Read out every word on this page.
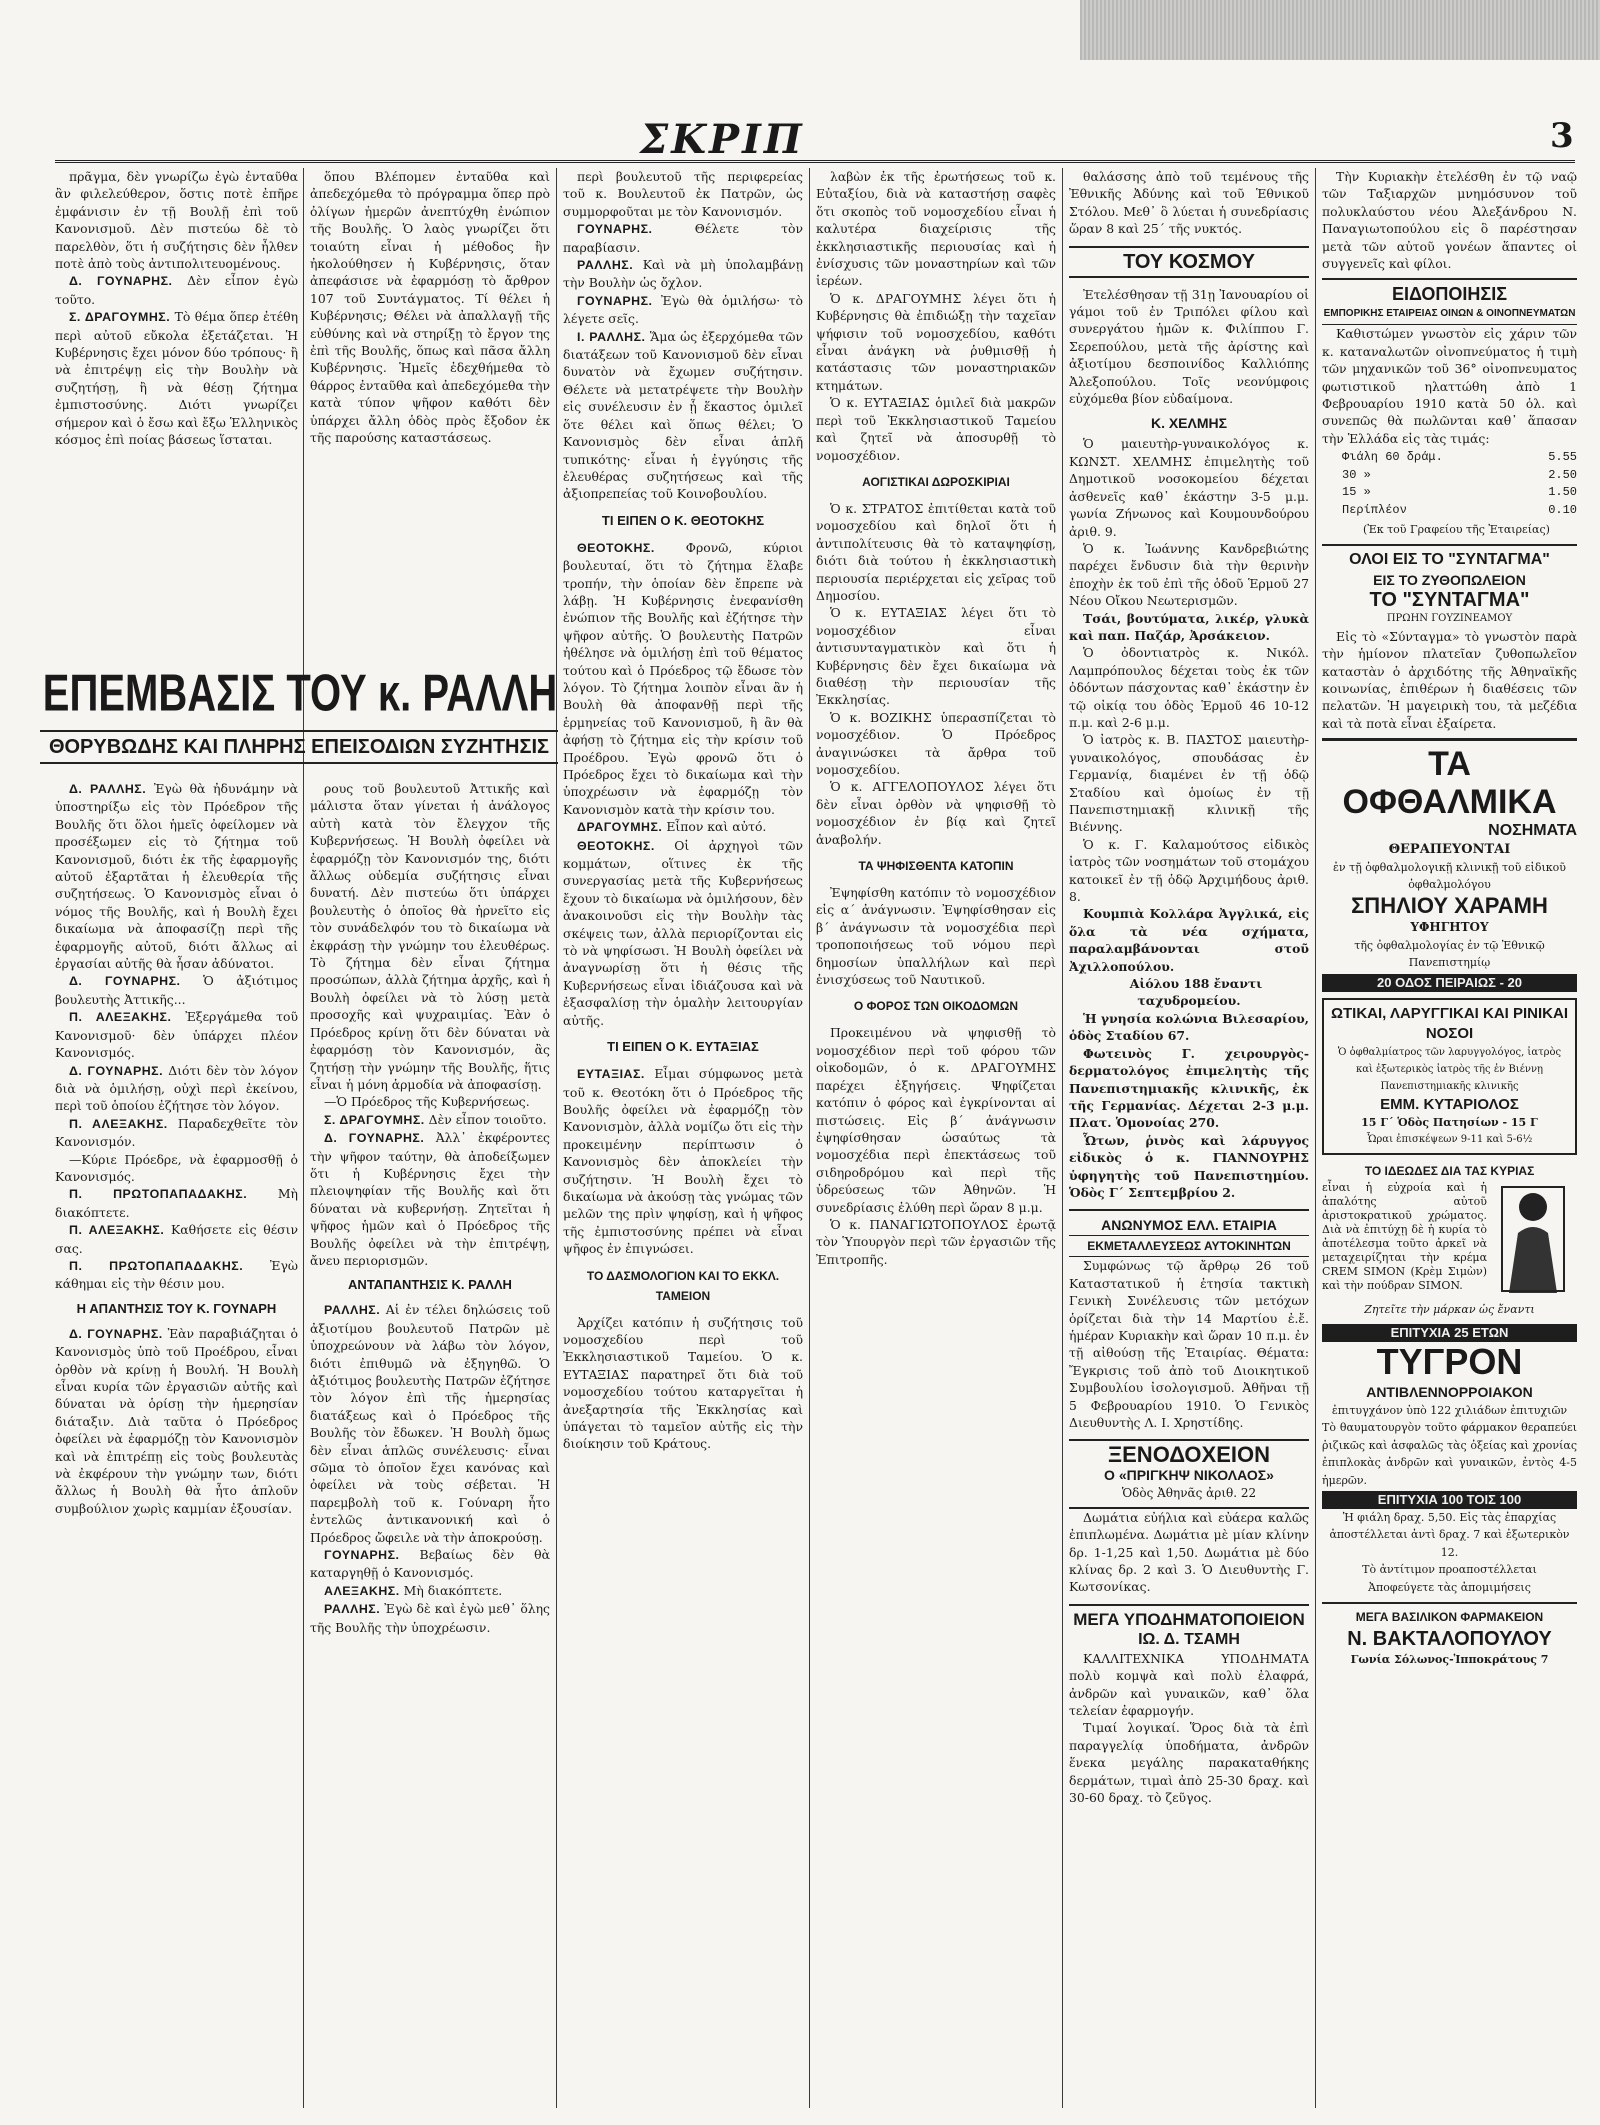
ΣΚΡΙΠ	3

πρᾶγμα, δὲν γνωρίζω ἐγὼ ἐνταῦθα ἂν φιλελεύθερον, ὅστις ποτὲ ἐπῆρε ἐμφάνισιν ἐν τῇ Βουλῇ ἐπὶ τοῦ Κανονισμοῦ. Δὲν πιστεύω δὲ τὸ παρελθὸν, ὅτι ἡ συζήτησις δὲν ἦλθεν ποτὲ ἀπὸ τοὺς ἀντιπολιτευομένους.

Δ. ΓΟΥΝΑΡΗΣ. Δὲν εἶπον ἐγὼ τοῦτο.

Σ. ΔΡΑΓΟΥΜΗΣ. Τὸ θέμα ὅπερ ἐτέθη περὶ αὐτοῦ εὔκολα ἐξετάζεται. Ἡ Κυβέρνησις ἔχει μόνον δύο τρόπους· ἢ νὰ ἐπιτρέψῃ εἰς τὴν Βουλὴν νὰ συζητήσῃ, ἢ νὰ θέσῃ ζήτημα ἐμπιστοσύνης. Διότι γνωρίζει σήμερον καὶ ὁ ἔσω καὶ ἔξω Ἑλληνικὸς κόσμος ἐπὶ ποίας βάσεως ἵσταται.

ΕΠΕΜΒΑΣΙΣ ΤΟΥ κ. ΡΑΛΛΗ
ΘΟΡΥΒΩΔΗΣ ΚΑΙ ΠΛΗΡΗΣ ΕΠΕΙΣΟΔΙΩΝ ΣΥΖΗΤΗΣΙΣ

Δ. ΡΑΛΛΗΣ. Ἐγὼ θὰ ἠδυνάμην νὰ ὑποστηρίξω εἰς τὸν Πρόεδρον τῆς Βουλῆς ὅτι ὅλοι ἡμεῖς ὀφείλομεν νὰ προσέξωμεν εἰς τὸ ζήτημα τοῦ Κανονισμοῦ, διότι ἐκ τῆς ἐφαρμογῆς αὐτοῦ ἐξαρτᾶται ἡ ἐλευθερία τῆς συζητήσεως. Ὁ Κανονισμὸς εἶναι ὁ νόμος τῆς Βουλῆς, καὶ ἡ Βουλὴ ἔχει δικαίωμα νὰ ἀποφασίζῃ περὶ τῆς ἐφαρμογῆς αὐτοῦ, διότι ἄλλως αἱ ἐργασίαι αὐτῆς θὰ ἦσαν ἀδύνατοι.

Δ. ΓΟΥΝΑΡΗΣ. Ὁ ἀξιότιμος βουλευτὴς Ἀττικῆς...

Π. ΑΛΕΞΑΚΗΣ. Ἐξεργάμεθα τοῦ Κανονισμοῦ· δὲν ὑπάρχει πλέον Κανονισμός.

Δ. ΓΟΥΝΑΡΗΣ. Διότι δὲν τὸν λόγον διὰ νὰ ὁμιλήσῃ, οὐχὶ περὶ ἐκείνου, περὶ τοῦ ὁποίου ἐζήτησε τὸν λόγον.

Π. ΑΛΕΞΑΚΗΣ. Παραδεχθεῖτε τὸν Κανονισμόν.

—Κύριε Πρόεδρε, νὰ ἐφαρμοσθῇ ὁ Κανονισμός.

Π. ΠΡΩΤΟΠΑΠΑΔΑΚΗΣ. Μὴ διακόπτετε.

Π. ΑΛΕΞΑΚΗΣ. Καθήσετε εἰς θέσιν σας.

Π. ΠΡΩΤΟΠΑΠΑΔΑΚΗΣ. Ἐγὼ κάθημαι εἰς τὴν θέσιν μου.

Η ΑΠΑΝΤΗΣΙΣ ΤΟΥ Κ. ΓΟΥΝΑΡΗ

Δ. ΓΟΥΝΑΡΗΣ. Ἐὰν παραβιάζηται ὁ Κανονισμὸς ὑπὸ τοῦ Προέδρου, εἶναι ὀρθὸν νὰ κρίνῃ ἡ Βουλή. Ἡ Βουλὴ εἶναι κυρία τῶν ἐργασιῶν αὐτῆς καὶ δύναται νὰ ὁρίσῃ τὴν ἡμερησίαν διάταξιν. Διὰ ταῦτα ὁ Πρόεδρος ὀφείλει νὰ ἐφαρμόζῃ τὸν Κανονισμὸν καὶ νὰ ἐπιτρέπῃ εἰς τοὺς βουλευτὰς νὰ ἐκφέρουν τὴν γνώμην των, διότι ἄλλως ἡ Βουλὴ θὰ ἦτο ἁπλοῦν συμβούλιον χωρὶς καμμίαν ἐξουσίαν.

ὅπου Βλέπομεν ἐνταῦθα καὶ ἀπεδεχόμεθα τὸ πρόγραμμα ὅπερ πρὸ ὀλίγων ἡμερῶν ἀνεπτύχθη ἐνώπιον τῆς Βουλῆς. Ὁ λαὸς γνωρίζει ὅτι τοιαύτη εἶναι ἡ μέθοδος ἣν ἠκολούθησεν ἡ Κυβέρνησις, ὅταν ἀπεφάσισε νὰ ἐφαρμόσῃ τὸ ἄρθρον 107 τοῦ Συντάγματος. Τί θέλει ἡ Κυβέρνησις; Θέλει νὰ ἀπαλλαγῇ τῆς εὐθύνης καὶ νὰ στηρίξῃ τὸ ἔργον της ἐπὶ τῆς Βουλῆς, ὅπως καὶ πᾶσα ἄλλη Κυβέρνησις. Ἡμεῖς ἐδεχθήμεθα τὸ θάρρος ἐνταῦθα καὶ ἀπεδεχόμεθα τὴν κατὰ τύπον ψῆφον καθότι δὲν ὑπάρχει ἄλλη ὁδὸς πρὸς ἔξοδον ἐκ τῆς παρούσης καταστάσεως.

ρους τοῦ βουλευτοῦ Ἀττικῆς καὶ μάλιστα ὅταν γίνεται ἡ ἀνάλογος αὐτὴ κατὰ τὸν ἔλεγχον τῆς Κυβερνήσεως. Ἡ Βουλὴ ὀφείλει νὰ ἐφαρμόζῃ τὸν Κανονισμόν της, διότι ἄλλως οὐδεμία συζήτησις εἶναι δυνατή. Δὲν πιστεύω ὅτι ὑπάρχει βουλευτὴς ὁ ὁποῖος θὰ ἠρνεῖτο εἰς τὸν συνάδελφόν του τὸ δικαίωμα νὰ ἐκφράσῃ τὴν γνώμην του ἐλευθέρως. Τὸ ζήτημα δὲν εἶναι ζήτημα προσώπων, ἀλλὰ ζήτημα ἀρχῆς, καὶ ἡ Βουλὴ ὀφείλει νὰ τὸ λύσῃ μετὰ προσοχῆς καὶ ψυχραιμίας. Ἐὰν ὁ Πρόεδρος κρίνῃ ὅτι δὲν δύναται νὰ ἐφαρμόσῃ τὸν Κανονισμόν, ἂς ζητήσῃ τὴν γνώμην τῆς Βουλῆς, ἥτις εἶναι ἡ μόνη ἁρμοδία νὰ ἀποφασίσῃ.

—Ὁ Πρόεδρος τῆς Κυβερνήσεως.

Σ. ΔΡΑΓΟΥΜΗΣ. Δὲν εἶπον τοιοῦτο.

Δ. ΓΟΥΝΑΡΗΣ. Ἀλλ᾽ ἐκφέροντες τὴν ψῆφον ταύτην, θὰ ἀποδείξωμεν ὅτι ἡ Κυβέρνησις ἔχει τὴν πλειοψηφίαν τῆς Βουλῆς καὶ ὅτι δύναται νὰ κυβερνήσῃ. Ζητεῖται ἡ ψῆφος ἡμῶν καὶ ὁ Πρόεδρος τῆς Βουλῆς ὀφείλει νὰ τὴν ἐπιτρέψῃ, ἄνευ περιορισμῶν.

ΑΝΤΑΠΑΝΤΗΣΙΣ Κ. ΡΑΛΛΗ

ΡΑΛΛΗΣ. Αἱ ἐν τέλει δηλώσεις τοῦ ἀξιοτίμου βουλευτοῦ Πατρῶν μὲ ὑποχρεώνουν νὰ λάβω τὸν λόγον, διότι ἐπιθυμῶ νὰ ἐξηγηθῶ. Ὁ ἀξιότιμος βουλευτὴς Πατρῶν ἐζήτησε τὸν λόγον ἐπὶ τῆς ἡμερησίας διατάξεως καὶ ὁ Πρόεδρος τῆς Βουλῆς τὸν ἔδωκεν. Ἡ Βουλὴ ὅμως δὲν εἶναι ἁπλῶς συνέλευσις· εἶναι σῶμα τὸ ὁποῖον ἔχει κανόνας καὶ ὀφείλει νὰ τοὺς σέβεται. Ἡ παρεμβολὴ τοῦ κ. Γούναρη ἦτο ἐντελῶς ἀντικανονική καὶ ὁ Πρόεδρος ὤφειλε νὰ τὴν ἀποκρούσῃ.

ΓΟΥΝΑΡΗΣ. Βεβαίως δὲν θὰ καταργηθῇ ὁ Κανονισμός.

ΑΛΕΞΑΚΗΣ. Μὴ διακόπτετε.

ΡΑΛΛΗΣ. Ἐγὼ δὲ καὶ ἐγὼ μεθ᾽ ὅλης τῆς Βουλῆς τὴν ὑποχρέωσιν.

περὶ βουλευτοῦ τῆς περιφερείας τοῦ κ. Βουλευτοῦ ἐκ Πατρῶν, ὡς συμμορφοῦται με τὸν Κανονισμόν.

ΓΟΥΝΑΡΗΣ.	Θέλετε τὸν παραβίασιν.

ΡΑΛΛΗΣ. Καὶ νὰ μὴ ὑπολαμβάνῃ τὴν Βουλὴν ὡς ὄχλον.

ΓΟΥΝΑΡΗΣ. Ἐγὼ θὰ ὁμιλήσω· τὸ λέγετε σεῖς.

Ι. ΡΑΛΛΗΣ. Ἅμα ὡς ἐξερχόμεθα τῶν διατάξεων τοῦ Κανονισμοῦ δὲν εἶναι δυνατὸν νὰ ἔχωμεν συζήτησιν. Θέλετε νὰ μετατρέψετε τὴν Βουλὴν εἰς συνέλευσιν ἐν ᾗ ἕκαστος ὁμιλεῖ ὅτε θέλει καὶ ὅπως θέλει; Ὁ Κανονισμὸς δὲν εἶναι ἁπλῆ τυπικότης· εἶναι ἡ ἐγγύησις τῆς ἐλευθέρας συζητήσεως καὶ τῆς ἀξιοπρεπείας τοῦ Κοινοβουλίου.

ΤΙ ΕΙΠΕΝ Ο Κ. ΘΕΟΤΟΚΗΣ

ΘΕΟΤΟΚΗΣ. Φρονῶ, κύριοι βουλευταί, ὅτι τὸ ζήτημα ἔλαβε τροπήν, τὴν ὁποίαν δὲν ἔπρεπε νὰ λάβῃ. Ἡ Κυβέρνησις ἐνεφανίσθη ἐνώπιον τῆς Βουλῆς καὶ ἐζήτησε τὴν ψῆφον αὐτῆς. Ὁ βουλευτὴς Πατρῶν ἠθέλησε νὰ ὁμιλήσῃ ἐπὶ τοῦ θέματος τούτου καὶ ὁ Πρόεδρος τῷ ἔδωσε τὸν λόγον. Τὸ ζήτημα λοιπὸν εἶναι ἂν ἡ Βουλὴ θὰ ἀποφανθῇ περὶ τῆς ἑρμηνείας τοῦ Κανονισμοῦ, ἢ ἂν θὰ ἀφήσῃ τὸ ζήτημα εἰς τὴν κρίσιν τοῦ Προέδρου. Ἐγὼ φρονῶ ὅτι ὁ Πρόεδρος ἔχει τὸ δικαίωμα καὶ τὴν ὑποχρέωσιν νὰ ἐφαρμόζῃ τὸν Κανονισμὸν κατὰ τὴν κρίσιν του.

ΔΡΑΓΟΥΜΗΣ. Εἶπον καὶ αὐτό.

ΘΕΟΤΟΚΗΣ. Οἱ ἀρχηγοὶ τῶν κομμάτων, οἵτινες ἐκ τῆς συνεργασίας μετὰ τῆς Κυβερνήσεως ἔχουν τὸ δικαίωμα νὰ ὁμιλήσουν, δὲν ἀνακοινοῦσι εἰς τὴν Βουλὴν τὰς σκέψεις των, ἀλλὰ περιορίζονται εἰς τὸ νὰ ψηφίσωσι. Ἡ Βουλὴ ὀφείλει νὰ ἀναγνωρίσῃ ὅτι ἡ θέσις τῆς Κυβερνήσεως εἶναι ἰδιάζουσα καὶ νὰ ἐξασφαλίσῃ τὴν ὁμαλὴν λειτουργίαν αὐτῆς.

ΤΙ ΕΙΠΕΝ Ο Κ. ΕΥΤΑΞΙΑΣ

ΕΥΤΑΞΙΑΣ. Εἶμαι σύμφωνος μετὰ τοῦ κ. Θεοτόκη ὅτι ὁ Πρόεδρος τῆς Βουλῆς ὀφείλει νὰ ἐφαρμόζῃ τὸν Κανονισμὸν, ἀλλὰ νομίζω ὅτι εἰς τὴν προκειμένην περίπτωσιν ὁ Κανονισμὸς δὲν ἀποκλείει τὴν συζήτησιν. Ἡ Βουλὴ ἔχει τὸ δικαίωμα νὰ ἀκούσῃ τὰς γνώμας τῶν μελῶν της πρὶν ψηφίσῃ, καὶ ἡ ψῆφος τῆς ἐμπιστοσύνης πρέπει νὰ εἶναι ψῆφος ἐν ἐπιγνώσει.

ΤΟ ΔΑΣΜΟΛΟΓΙΟΝ ΚΑΙ ΤΟ ΕΚΚΛ. ΤΑΜΕΙΟΝ

Ἀρχίζει κατόπιν ἡ συζήτησις τοῦ νομοσχεδίου περὶ τοῦ Ἐκκλησιαστικοῦ Ταμείου. Ὁ κ. ΕΥΤΑΞΙΑΣ παρατηρεῖ ὅτι διὰ τοῦ νομοσχεδίου τούτου καταργεῖται ἡ ἀνεξαρτησία τῆς Ἐκκλησίας καὶ ὑπάγεται τὸ ταμεῖον αὐτῆς εἰς τὴν διοίκησιν τοῦ Κράτους.

λαβὼν ἐκ τῆς ἐρωτήσεως τοῦ κ. Εὐταξίου, διὰ νὰ καταστήσῃ σαφὲς ὅτι σκοπὸς τοῦ νομοσχεδίου εἶναι ἡ καλυτέρα διαχείρισις τῆς ἐκκλησιαστικῆς περιουσίας καὶ ἡ ἐνίσχυσις τῶν μοναστηρίων καὶ τῶν ἱερέων.

Ὁ κ. ΔΡΑΓΟΥΜΗΣ λέγει ὅτι ἡ Κυβέρνησις θὰ ἐπιδιώξῃ τὴν ταχεῖαν ψήφισιν τοῦ νομοσχεδίου, καθότι εἶναι ἀνάγκη νὰ ῥυθμισθῇ ἡ κατάστασις τῶν μοναστηριακῶν κτημάτων.

Ὁ κ. ΕΥΤΑΞΙΑΣ ὁμιλεῖ διὰ μακρῶν περὶ τοῦ Ἐκκλησιαστικοῦ Ταμείου καὶ ζητεῖ νὰ ἀποσυρθῇ τὸ νομοσχέδιον.

ΑΟΓΙΣΤΙΚΑΙ ΔΩΡΟΣΚΙΡΙΑΙ

Ὁ κ. ΣΤΡΑΤΟΣ ἐπιτίθεται κατὰ τοῦ νομοσχεδίου καὶ δηλοῖ ὅτι ἡ ἀντιπολίτευσις θὰ τὸ καταψηφίσῃ, διότι διὰ τούτου ἡ ἐκκλησιαστικὴ περιουσία περιέρχεται εἰς χεῖρας τοῦ Δημοσίου.

Ὁ κ. ΕΥΤΑΞΙΑΣ λέγει ὅτι τὸ νομοσχέδιον εἶναι ἀντισυνταγματικὸν καὶ ὅτι ἡ Κυβέρνησις δὲν ἔχει δικαίωμα νὰ διαθέσῃ τὴν περιουσίαν τῆς Ἐκκλησίας.

Ὁ κ. ΒΟΖΙΚΗΣ ὑπερασπίζεται τὸ νομοσχέδιον. Ὁ Πρόεδρος ἀναγινώσκει τὰ ἄρθρα τοῦ νομοσχεδίου.

Ὁ κ. ΑΓΓΕΛΟΠΟΥΛΟΣ λέγει ὅτι δὲν εἶναι ὀρθὸν νὰ ψηφισθῇ τὸ νομοσχέδιον ἐν βίᾳ καὶ ζητεῖ ἀναβολήν.

ΤΑ ΨΗΦΙΣΘΕΝΤΑ ΚΑΤΟΠΙΝ

Ἐψηφίσθη κατόπιν τὸ νομοσχέδιον εἰς α´ ἀνάγνωσιν. Ἐψηφίσθησαν εἰς β´ ἀνάγνωσιν τὰ νομοσχέδια περὶ τροποποιήσεως τοῦ νόμου περὶ δημοσίων ὑπαλλήλων καὶ περὶ ἐνισχύσεως τοῦ Ναυτικοῦ.

Ο ΦΟΡΟΣ ΤΩΝ ΟΙΚΟΔΟΜΩΝ

Προκειμένου νὰ ψηφισθῇ τὸ νομοσχέδιον περὶ τοῦ φόρου τῶν οἰκοδομῶν, ὁ κ. ΔΡΑΓΟΥΜΗΣ παρέχει ἐξηγήσεις. Ψηφίζεται κατόπιν ὁ φόρος καὶ ἐγκρίνονται αἱ πιστώσεις. Εἰς β´ ἀνάγνωσιν ἐψηφίσθησαν ὡσαύτως τὰ νομοσχέδια περὶ ἐπεκτάσεως τοῦ σιδηροδρόμου καὶ περὶ τῆς ὑδρεύσεως τῶν Ἀθηνῶν. Ἡ συνεδρίασις ἐλύθη περὶ ὥραν 8 μ.μ.

Ὁ κ. ΠΑΝΑΓΙΩΤΟΠΟΥΛΟΣ ἐρωτᾷ τὸν Ὑπουργὸν περὶ τῶν ἐργασιῶν τῆς Ἐπιτροπῆς.

θαλάσσης ἀπὸ τοῦ τεμένους τῆς Ἐθνικῆς Ἀδύνης καὶ τοῦ Ἑθνικοῦ Στόλου. Μεθ᾽ ὃ λύεται ἡ συνεδρίασις ὥραν 8 καὶ 25´ τῆς νυκτός.

ΤΟΥ ΚΟΣΜΟΥ

Ἐτελέσθησαν τῇ 31ῃ Ἰανουαρίου οἱ γάμοι τοῦ ἐν Τριπόλει φίλου καὶ συνεργάτου ἡμῶν κ. Φιλίππου Γ. Σερεπούλου, μετὰ τῆς ἀρίστης καὶ ἀξιοτίμου δεσποινίδος Καλλιόπης Ἀλεξοπούλου. Τοῖς νεονύμφοις εὐχόμεθα βίον εὐδαίμονα.

Κ. ΧΕΛΜΗΣ

Ὁ μαιευτὴρ-γυναικολόγος κ. ΚΩΝΣΤ. ΧΕΛΜΗΣ ἐπιμελητὴς τοῦ Δημοτικοῦ νοσοκομείου δέχεται ἀσθενεῖς καθ᾽ ἑκάστην 3-5 μ.μ. γωνία Ζήνωνος καὶ Κουμουνδούρου ἀριθ. 9.

Ὁ κ. Ἰωάννης Κανδρεβιώτης παρέχει ἔνδυσιν διὰ τὴν θερινὴν ἐποχὴν ἐκ τοῦ ἐπὶ τῆς ὁδοῦ Ἑρμοῦ 27 Νέου Οἴκου Νεωτερισμῶν.

Τσάι, βουτύματα, λικέρ, γλυκὰ καὶ παπ. Παζάρ, Ἀρσάκειον.

Ὁ ὀδοντιατρὸς κ. Νικόλ. Λαμπρόπουλος δέχεται τοὺς ἐκ τῶν ὀδόντων πάσχοντας καθ᾽ ἑκάστην ἐν τῷ οἰκίᾳ του ὁδὸς Ἑρμοῦ 46 10-12 π.μ. καὶ 2-6 μ.μ.

Ὁ ἰατρὸς κ. Β. ΠΑΣΤΟΣ μαιευτὴρ-γυναικολόγος, σπουδάσας ἐν Γερμανίᾳ, διαμένει ἐν τῇ ὁδῷ Σταδίου καὶ ὁμοίως ἐν τῇ Πανεπιστημιακῇ κλινικῇ τῆς Βιέννης.

Ὁ κ. Γ. Καλαμούτσος εἰδικὸς ἰατρὸς τῶν νοσημάτων τοῦ στομάχου κατοικεῖ ἐν τῇ ὁδῷ Ἀρχιμήδους ἀριθ. 8.

Κουμπιὰ Κολλάρα Ἀγγλικά, εἰς ὅλα τὰ νέα σχήματα, παραλαμβάνονται στοῦ Ἀχιλλοπούλου.

Αἰόλου 188 ἔναντι ταχυδρομείου.

Ἡ γνησία κολώνια Βιλεσαρίου, ὁδὸς Σταδίου 67.

Φωτεινὸς Γ. χειρουργὸς-δερματολόγος ἐπιμελητὴς τῆς Πανεπιστημιακῆς κλινικῆς, ἐκ τῆς Γερμανίας. Δέχεται 2-3 μ.μ. Πλατ. Ὁμονοίας 270.

Ὧτων, ῥινὸς καὶ λάρυγγος εἰδικὸς ὁ κ. ΓΙΑΝΝΟΥΡΗΣ ὑφηγητὴς τοῦ Πανεπιστημίου. Ὁδὸς Γ´ Σεπτεμβρίου 2.

ΑΝΩΝΥΜΟΣ ΕΛΛ. ΕΤΑΙΡΙΑ
ΕΚΜΕΤΑΛΛΕΥΣΕΩΣ ΑΥΤΟΚΙΝΗΤΩΝ

Συμφώνως τῷ ἄρθρῳ 26 τοῦ Καταστατικοῦ ἡ ἐτησία τακτικὴ Γενικὴ Συνέλευσις τῶν μετόχων ὁρίζεται διὰ τὴν 14 Μαρτίου ἐ.ἔ. ἡμέραν Κυριακὴν καὶ ὥραν 10 π.μ. ἐν τῇ αἰθούσῃ τῆς Ἐταιρίας. Θέματα: Ἔγκρισις τοῦ ἀπὸ τοῦ Διοικητικοῦ Συμβουλίου ἰσολογισμοῦ. Ἀθῆναι τῇ 5 Φεβρουαρίου 1910. Ὁ Γενικὸς Διευθυντὴς Λ. Ι. Χρηστίδης.

ΞΕΝΟΔΟΧΕΙΟΝ
Ο «ΠΡΙΓΚΗΨ ΝΙΚΟΛΑΟΣ»
Ὁδὸς Ἀθηνᾶς ἀριθ. 22

Δωμάτια εὐήλια καὶ εὐάερα καλῶς ἐπιπλωμένα. Δωμάτια μὲ μίαν κλίνην δρ. 1-1,25 καὶ 1,50. Δωμάτια μὲ δύο κλίνας δρ. 2 καὶ 3. Ὁ Διευθυντὴς Γ. Κωτσονίκας.

ΜΕΓΑ ΥΠΟΔΗΜΑΤΟΠΟΙΕΙΟΝ
ΙΩ. Δ. ΤΣΑΜΗ

ΚΑΛΛΙΤΕΧΝΙΚΑ ΥΠΟΔΗΜΑΤΑ πολὺ κομψὰ καὶ πολὺ ἐλαφρά, ἀνδρῶν καὶ γυναικῶν, καθ᾽ ὅλα τελείαν ἐφαρμογήν.

Τιμαί λογικαί. Ὅρος διὰ τὰ ἐπὶ παραγγελίᾳ ὑποδήματα, ἀνδρῶν ἕνεκα μεγάλης παρακαταθήκης δερμάτων, τιμαὶ ἀπὸ 25-30 δραχ. καὶ 30-60 δραχ. τὸ ζεῦγος.

Τὴν Κυριακὴν ἐτελέσθη ἐν τῷ ναῷ τῶν Ταξιαρχῶν μνημόσυνον τοῦ πολυκλαύστου νέου Ἀλεξάνδρου Ν. Παναγιωτοπούλου εἰς ὃ παρέστησαν μετὰ τῶν αὐτοῦ γονέων ἅπαντες οἱ συγγενεῖς καὶ φίλοι.

ΕΙΔΟΠΟΙΗΣΙΣ
ΕΜΠΟΡΙΚΗΣ ΕΤΑΙΡΕΙΑΣ ΟΙΝΩΝ & ΟΙΝΟΠΝΕΥΜΑΤΩΝ

Καθιστώμεν γνωστὸν εἰς χάριν τῶν κ. καταναλωτῶν οἰνοπνεύματος ἡ τιμὴ τῶν μηχανικῶν τοῦ 36° οἰνοπνευματος φωτιστικοῦ ηλαττώθη ἀπὸ 1 Φεβρουαρίου 1910 κατὰ 50 ὁλ. καὶ συνεπῶς θὰ πωλῶνται καθ᾽ ἅπασαν τὴν Ἑλλάδα εἰς τὰς τιμάς:

Φιάλη 60 δράμ.	5.55
30 »	2.50
15 »	1.50
Περίπλέον	0.10

(Ἐκ τοῦ Γραφείου τῆς Ἐταιρείας)

ΟΛΟΙ ΕΙΣ ΤΟ "ΣΥΝΤΑΓΜΑ"
ΕΙΣ ΤΟ ΖΥΘΟΠΩΛΕΙΟΝ
ΤΟ "ΣΥΝΤΑΓΜΑ"
ΠΡΩΗΝ ΓΟΥΖΙΝΕΑΜΟΥ

Εἰς τὸ «Σύνταγμα» τὸ γνωστὸν παρὰ τὴν ἡμίονον πλατεῖαν ζυθοπωλεῖον καταστὰν ὁ ἀρχιδότης τῆς Ἀθηναϊκῆς κοινωνίας, ἐπιθέρων ἡ διαθέσεις τῶν πελατῶν. Ἡ μαγειρικὴ του, τὰ μεζέδια καὶ τὰ ποτὰ εἶναι ἐξαίρετα.

ΤΑ ΟΦΘΑΛΜΙΚΑ
ΝΟΣΗΜΑΤΑ
ΘΕΡΑΠΕΥΟΝΤΑΙ
ἐν τῇ ὀφθαλμολογικῇ κλινικῇ τοῦ εἰδικοῦ ὀφθαλμολόγου
ΣΠΗΛΙΟΥ ΧΑΡΑΜΗ
ΥΦΗΓΗΤΟΥ
τῆς ὀφθαλμολογίας ἐν τῷ Ἐθνικῷ Πανεπιστημίῳ
20 ΟΔΟΣ ΠΕΙΡΑΙΩΣ - 20
ΩΤΙΚΑΙ, ΛΑΡΥΓΓΙΚΑΙ ΚΑΙ ΡΙΝΙΚΑΙ ΝΟΣΟΙ
Ὁ ὀφθαλμίατρος τῶν λαρυγγολόγος, ἰατρὸς καὶ ἐξωτερικὸς ἰατρὸς τῆς ἐν Βιέννῃ Πανεπιστημιακῆς κλινικῆς
ΕΜΜ. ΚΥΤΑΡΙΟΛΟΣ
15 Γ´ Ὁδὸς Πατησίων - 15 Γ
Ὧραι ἐπισκέψεων 9-11 καὶ 5-6½
ΤΟ ΙΔΕΩΔΕΣ ΔΙΑ ΤΑΣ ΚΥΡΙΑΣ
εἶναι ἡ εὐχροία καὶ ἡ ἁπαλότης αὐτοῦ ἀριστοκρατικοῦ χρώματος. Διὰ νὰ ἐπιτύχῃ δὲ ἡ κυρία τὸ ἀποτέλεσμα τοῦτο ἀρκεῖ νὰ μεταχειρίζηται τὴν κρέμα CREM SIMON (Κρὲμ Σιμὼν) καὶ τὴν πούδραν SIMON.
Ζητεῖτε τὴν μάρκαν ὡς ἔναντι
ΕΠΙΤΥΧΙΑ 25 ΕΤΩΝ
ΤΥΓΡΟΝ
ΑΝΤΙΒΛΕΝΝΟΡΡΟΙΑΚΟΝ
ἐπιτυγχάνον ὑπὸ 122 χιλιάδων ἐπιτυχιῶν
Τὸ θαυματουργὸν τοῦτο φάρμακον θεραπεύει ῥιζικῶς καὶ ἀσφαλῶς τὰς ὀξείας καὶ χρονίας ἐπιπλοκὰς ἀνδρῶν καὶ γυναικῶν, ἐντὸς 4-5 ἡμερῶν.
ΕΠΙΤΥΧΙΑ 100 ΤΟΙΣ 100
Ἡ φιάλη δραχ. 5,50. Εἰς τὰς ἐπαρχίας ἀποστέλλεται ἀντὶ δραχ. 7 καὶ ἐξωτερικὸν 12.
Τὸ ἀντίτιμον προαποστέλλεται
Ἀποφεύγετε τὰς ἀπομιμήσεις
ΜΕΓΑ ΒΑΣΙΛΙΚΟΝ ΦΑΡΜΑΚΕΙΟΝ
Ν. ΒΑΚΤΑΛΟΠΟΥΛΟΥ
Γωνία Σόλωνος-Ἱπποκράτους 7
